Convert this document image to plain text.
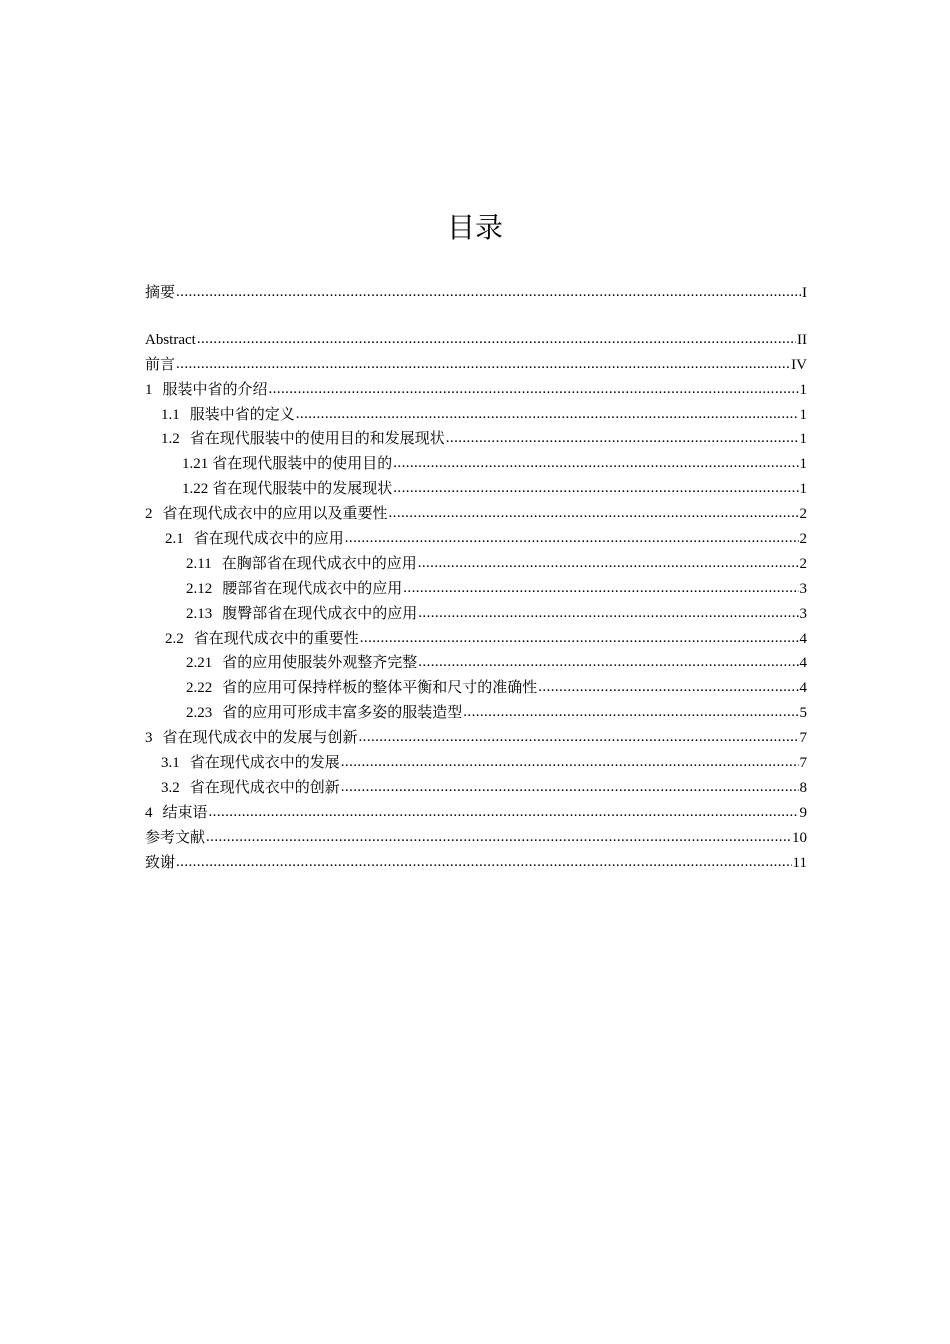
目录
摘要 .....	I
Abstract .....	II
前言 .....	IV
1 服装中省的介绍 .....	1
1.1 服装中省的定义 .....	1
1.2 省在现代服装中的使用目的和发展现状 .....	1
1.21 省在现代服装中的使用目的 .....	1
1.22 省在现代服装中的发展现状 .....	1
2 省在现代成衣中的应用以及重要性 .....	2
2.1 省在现代成衣中的应用 .....	2
2.11 在胸部省在现代成衣中的应用 .....	2
2.12 腰部省在现代成衣中的应用 .....	3
2.13 腹臀部省在现代成衣中的应用 .....	3
2.2 省在现代成衣中的重要性 .....	4
2.21 省的应用使服装外观整齐完整 .....	4
2.22 省的应用可保持样板的整体平衡和尺寸的准确性 .....	4
2.23 省的应用可形成丰富多姿的服装造型 .....	5
3 省在现代成衣中的发展与创新 .....	7
3.1 省在现代成衣中的发展 .....	7
3.2 省在现代成衣中的创新 .....	8
4 结束语 .....	9
参考文献 .....	10
致谢 .....	11
